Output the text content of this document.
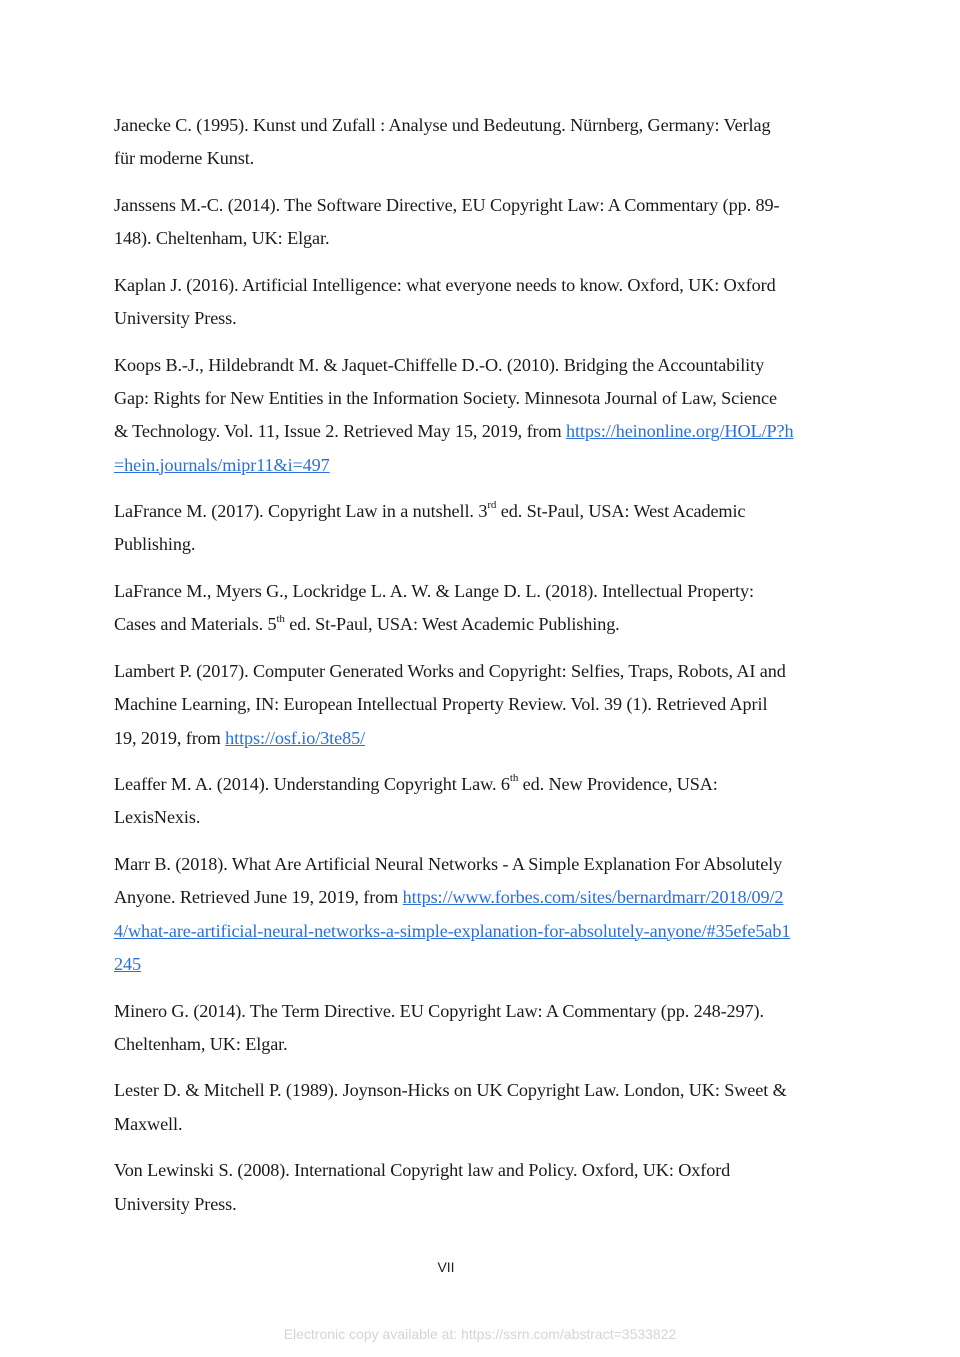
Janecke C. (1995). Kunst und Zufall : Analyse und Bedeutung. Nürnberg, Germany: Verlag für moderne Kunst.

Janssens M.-C. (2014). The Software Directive, EU Copyright Law: A Commentary (pp. 89-148). Cheltenham, UK: Elgar.

Kaplan J. (2016). Artificial Intelligence: what everyone needs to know. Oxford, UK: Oxford University Press.

Koops B.-J., Hildebrandt M. & Jaquet-Chiffelle D.-O. (2010). Bridging the Accountability Gap: Rights for New Entities in the Information Society. Minnesota Journal of Law, Science & Technology. Vol. 11, Issue 2. Retrieved May 15, 2019, from https://heinonline.org/HOL/P?h=hein.journals/mipr11&i=497

LaFrance M. (2017). Copyright Law in a nutshell. 3rd ed. St-Paul, USA: West Academic Publishing.

LaFrance M., Myers G., Lockridge L. A. W. & Lange D. L. (2018). Intellectual Property: Cases and Materials. 5th ed. St-Paul, USA: West Academic Publishing.

Lambert P. (2017). Computer Generated Works and Copyright: Selfies, Traps, Robots, AI and Machine Learning, IN: European Intellectual Property Review. Vol. 39 (1). Retrieved April 19, 2019, from https://osf.io/3te85/

Leaffer M. A. (2014). Understanding Copyright Law. 6th ed. New Providence, USA: LexisNexis.

Marr B. (2018). What Are Artificial Neural Networks - A Simple Explanation For Absolutely Anyone. Retrieved June 19, 2019, from https://www.forbes.com/sites/bernardmarr/2018/09/24/what-are-artificial-neural-networks-a-simple-explanation-for-absolutely-anyone/#35efe5ab1245

Minero G. (2014). The Term Directive. EU Copyright Law: A Commentary (pp. 248-297). Cheltenham, UK: Elgar.

Lester D. & Mitchell P. (1989). Joynson-Hicks on UK Copyright Law. London, UK: Sweet & Maxwell.

Von Lewinski S. (2008). International Copyright law and Policy. Oxford, UK: Oxford University Press.

VII
Electronic copy available at: https://ssrn.com/abstract=3533822
